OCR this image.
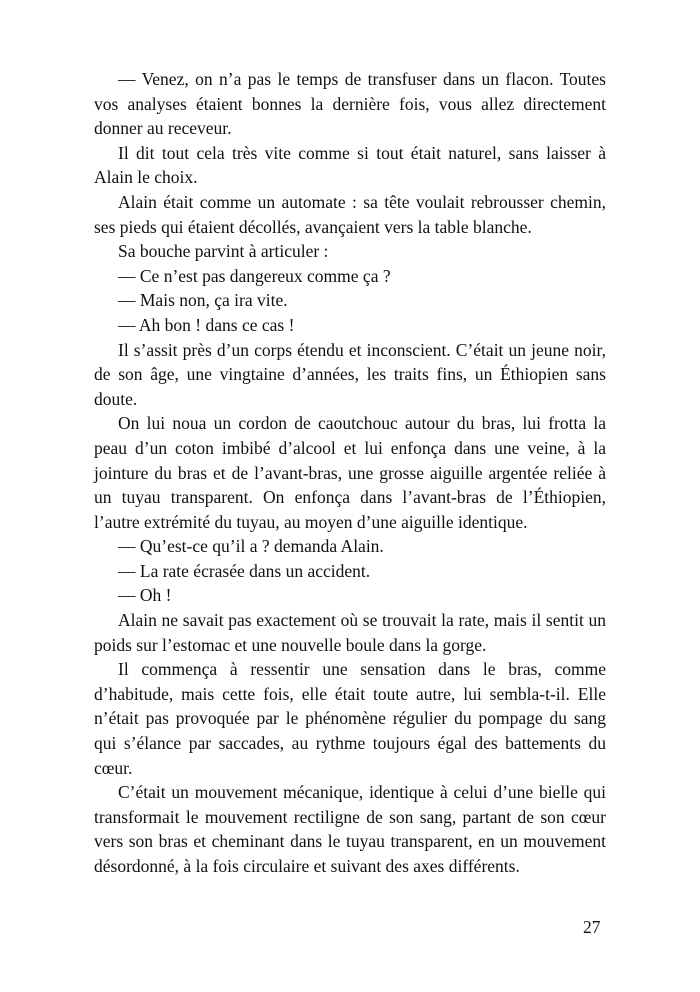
— Venez, on n’a pas le temps de transfuser dans un flacon. Toutes vos analyses étaient bonnes la dernière fois, vous allez directement donner au receveur.

Il dit tout cela très vite comme si tout était naturel, sans laisser à Alain le choix.

Alain était comme un automate : sa tête voulait rebrousser chemin, ses pieds qui étaient décollés, avançaient vers la table blanche.

Sa bouche parvint à articuler :

— Ce n’est pas dangereux comme ça ?

— Mais non, ça ira vite.

— Ah bon ! dans ce cas !

Il s’assit près d’un corps étendu et inconscient. C’était un jeune noir, de son âge, une vingtaine d’années, les traits fins, un Éthiopien sans doute.

On lui noua un cordon de caoutchouc autour du bras, lui frotta la peau d’un coton imbibé d’alcool et lui enfonça dans une veine, à la jointure du bras et de l’avant-bras, une grosse aiguille argentée reliée à un tuyau transparent. On enfonça dans l’avant-bras de l’Éthiopien, l’autre extrémité du tuyau, au moyen d’une aiguille identique.

— Qu’est-ce qu’il a ? demanda Alain.

— La rate écrasée dans un accident.

— Oh !

Alain ne savait pas exactement où se trouvait la rate, mais il sentit un poids sur l’estomac et une nouvelle boule dans la gorge.

Il commença à ressentir une sensation dans le bras, comme d’habitude, mais cette fois, elle était toute autre, lui sembla-t-il. Elle n’était pas provoquée par le phénomène régulier du pompage du sang qui s’élance par saccades, au rythme toujours égal des battements du cœur.

C’était un mouvement mécanique, identique à celui d’une bielle qui transformait le mouvement rectiligne de son sang, partant de son cœur vers son bras et cheminant dans le tuyau transparent, en un mouvement désordonné, à la fois circulaire et suivant des axes différents.

27
